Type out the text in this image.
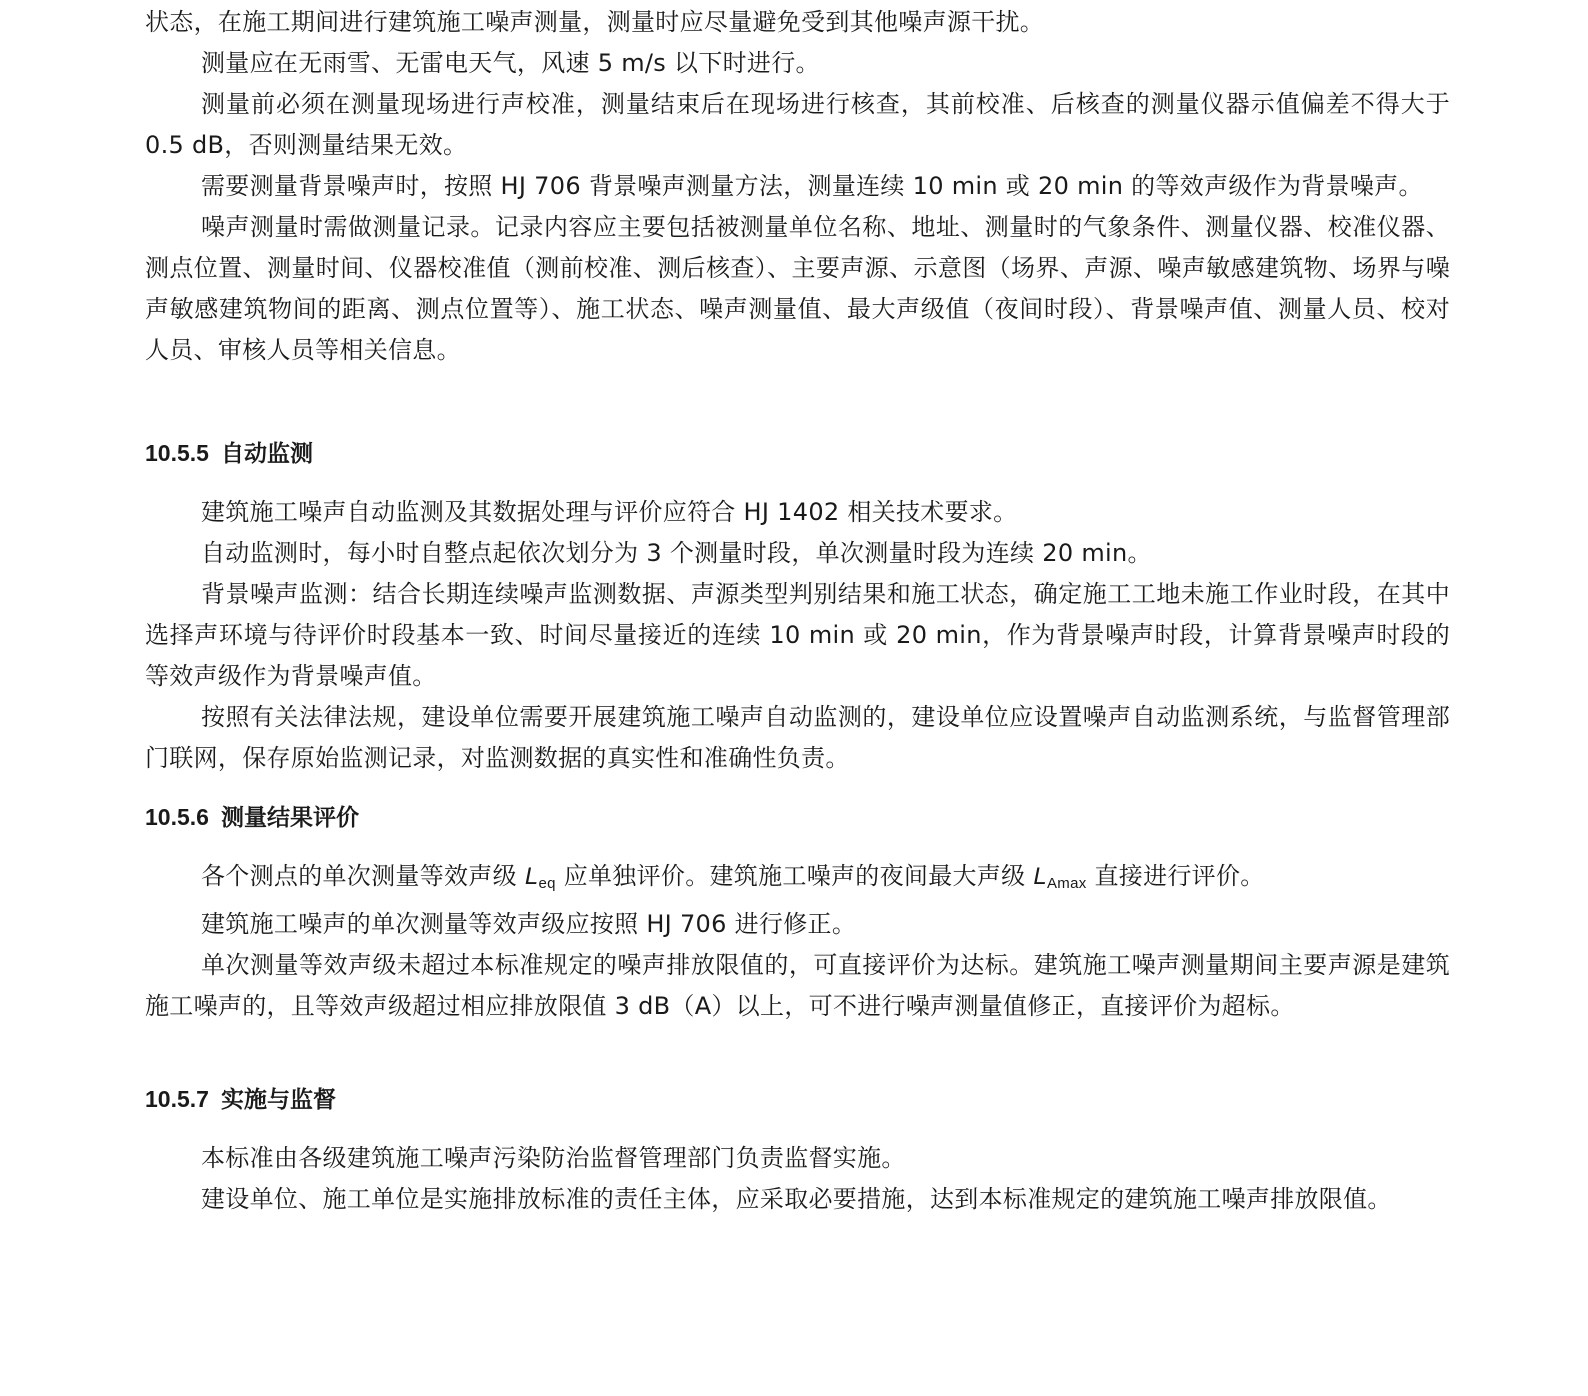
状态，在施工期间进行建筑施工噪声测量，测量时应尽量避免受到其他噪声源干扰。

测量应在无雨雪、无雷电天气，风速 5 m/s 以下时进行。

测量前必须在测量现场进行声校准，测量结束后在现场进行核查，其前校准、后核查的测量仪器示值偏差不得大于 0.5 dB，否则测量结果无效。

需要测量背景噪声时，按照 HJ 706 背景噪声测量方法，测量连续 10 min 或 20 min 的等效声级作为背景噪声。

噪声测量时需做测量记录。记录内容应主要包括被测量单位名称、地址、测量时的气象条件、测量仪器、校准仪器、测点位置、测量时间、仪器校准值（测前校准、测后核查）、主要声源、示意图（场界、声源、噪声敏感建筑物、场界与噪声敏感建筑物间的距离、测点位置等）、施工状态、噪声测量值、最大声级值（夜间时段）、背景噪声值、测量人员、校对人员、审核人员等相关信息。

10.5.5 自动监测

建筑施工噪声自动监测及其数据处理与评价应符合 HJ 1402 相关技术要求。

自动监测时，每小时自整点起依次划分为 3 个测量时段，单次测量时段为连续 20 min。

背景噪声监测：结合长期连续噪声监测数据、声源类型判别结果和施工状态，确定施工工地未施工作业时段，在其中选择声环境与待评价时段基本一致、时间尽量接近的连续 10 min 或 20 min，作为背景噪声时段，计算背景噪声时段的等效声级作为背景噪声值。

按照有关法律法规，建设单位需要开展建筑施工噪声自动监测的，建设单位应设置噪声自动监测系统，与监督管理部门联网，保存原始监测记录，对监测数据的真实性和准确性负责。

10.5.6 测量结果评价

各个测点的单次测量等效声级 $L_{eq}$ 应单独评价。建筑施工噪声的夜间最大声级 $L_{Amax}$ 直接进行评价。

建筑施工噪声的单次测量等效声级应按照 HJ 706 进行修正。

单次测量等效声级未超过本标准规定的噪声排放限值的，可直接评价为达标。建筑施工噪声测量期间主要声源是建筑施工噪声的，且等效声级超过相应排放限值 3 dB（A）以上，可不进行噪声测量值修正，直接评价为超标。

10.5.7 实施与监督

本标准由各级建筑施工噪声污染防治监督管理部门负责监督实施。

建设单位、施工单位是实施排放标准的责任主体，应采取必要措施，达到本标准规定的建筑施工噪声排放限值。
